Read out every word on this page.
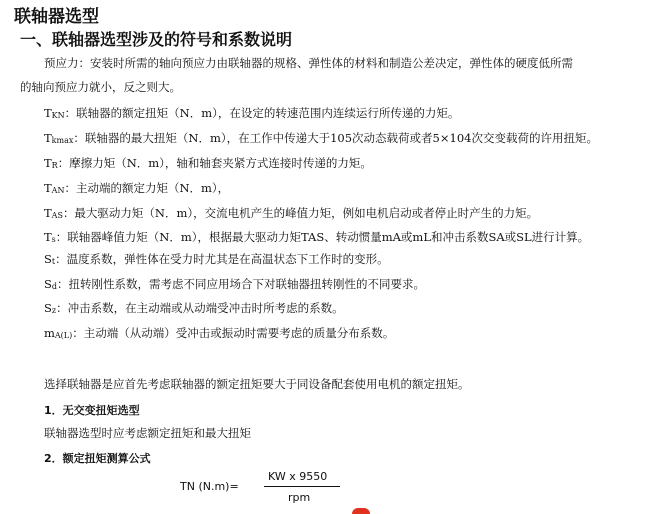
联轴器选型
一、联轴器选型涉及的符号和系数说明
预应力：安装时所需的轴向预应力由联轴器的规格、弹性体的材料和制造公差决定，弹性体的硬度低所需
的轴向预应力就小，反之则大。
TKN：联轴器的额定扭矩（N．m），在设定的转速范围内连续运行所传递的力矩。
Tkmax：联轴器的最大扭矩（N．m），在工作中传递大于105次动态载荷或者5×104次交变载荷的许用扭矩。
TR：摩擦力矩（N．m），轴和轴套夹紧方式连接时传递的力矩。
TAN：主动端的额定力矩（N．m），
TAS：最大驱动力矩（N．m），交流电机产生的峰值力矩，例如电机启动或者停止时产生的力矩。
Ts：联轴器峰值力矩（N．m），根据最大驱动力矩TAS、转动惯量mA或mL和冲击系数SA或SL进行计算。
St：温度系数，弹性体在受力时尤其是在高温状态下工作时的变形。
Sd：扭转刚性系数，需考虑不同应用场合下对联轴器扭转刚性的不同要求。
Sz：冲击系数，在主动端或从动端受冲击时所考虑的系数。
mA(L)：主动端（从动端）受冲击或振动时需要考虑的质量分布系数。
选择联轴器是应首先考虑联轴器的额定扭矩要大于同设备配套使用电机的额定扭矩。
1．无交变扭矩选型
联轴器选型时应考虑额定扭矩和最大扭矩
2．额定扭矩测算公式
TN (N.m)=
KW x 9550
rpm
